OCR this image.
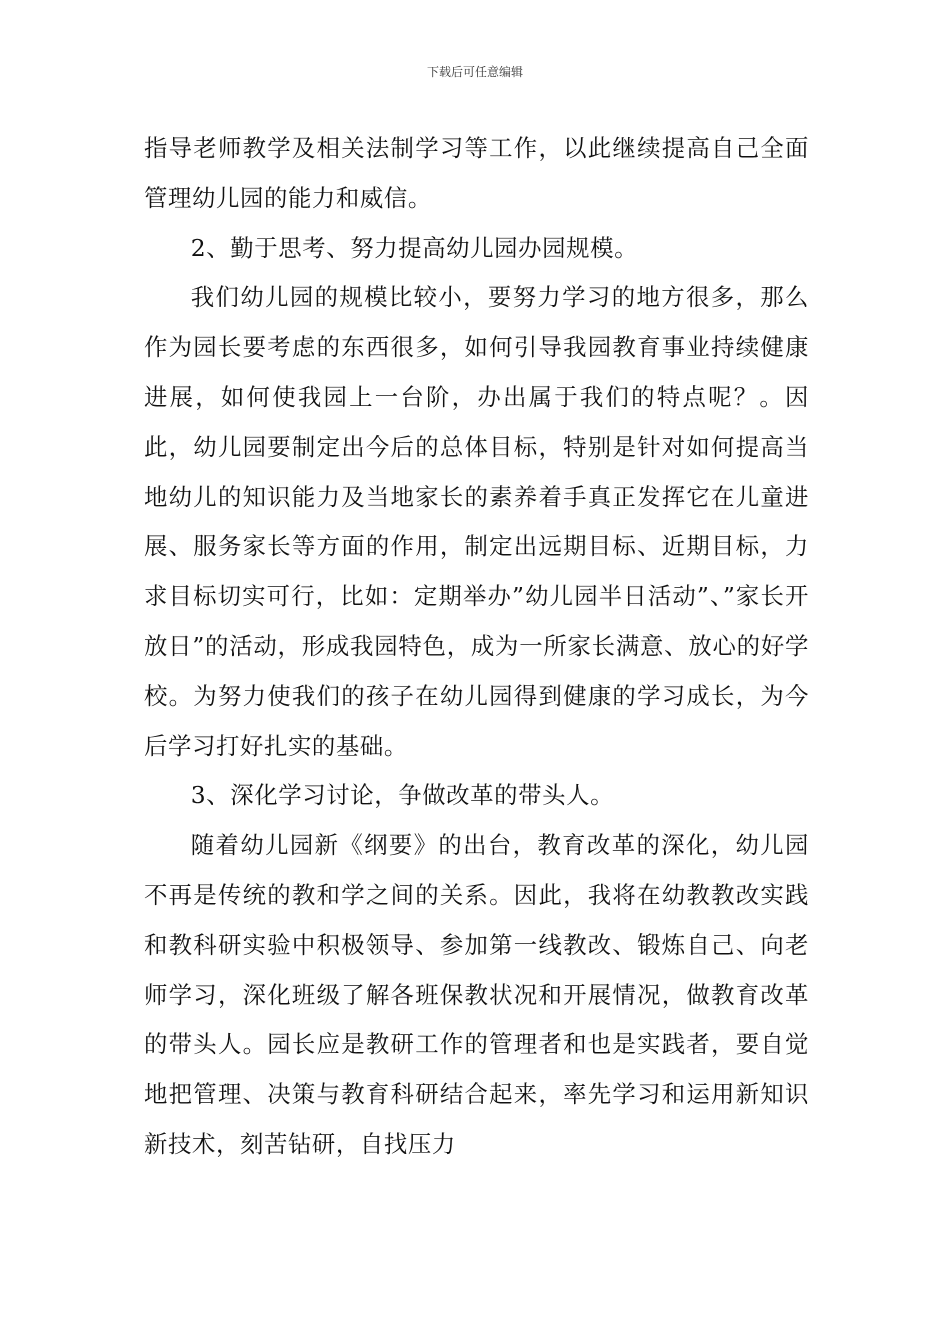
下载后可任意编辑

指导老师教学及相关法制学习等工作，以此继续提高自己全面管理幼儿园的能力和威信。

2、勤于思考、努力提高幼儿园办园规模。

我们幼儿园的规模比较小，要努力学习的地方很多，那么作为园长要考虑的东西很多，如何引导我园教育事业持续健康进展，如何使我园上一台阶，办出属于我们的特点呢？。因此，幼儿园要制定出今后的总体目标，特别是针对如何提高当地幼儿的知识能力及当地家长的素养着手真正发挥它在儿童进展、服务家长等方面的作用，制定出远期目标、近期目标，力求目标切实可行，比如：定期举办”幼儿园半日活动”、”家长开放日”的活动，形成我园特色，成为一所家长满意、放心的好学校。为努力使我们的孩子在幼儿园得到健康的学习成长，为今后学习打好扎实的基础。

3、深化学习讨论，争做改革的带头人。

随着幼儿园新《纲要》的出台，教育改革的深化，幼儿园不再是传统的教和学之间的关系。因此，我将在幼教教改实践和教科研实验中积极领导、参加第一线教改、锻炼自己、向老师学习，深化班级了解各班保教状况和开展情况，做教育改革的带头人。园长应是教研工作的管理者和也是实践者，要自觉地把管理、决策与教育科研结合起来，率先学习和运用新知识新技术，刻苦钻研，自找压力
